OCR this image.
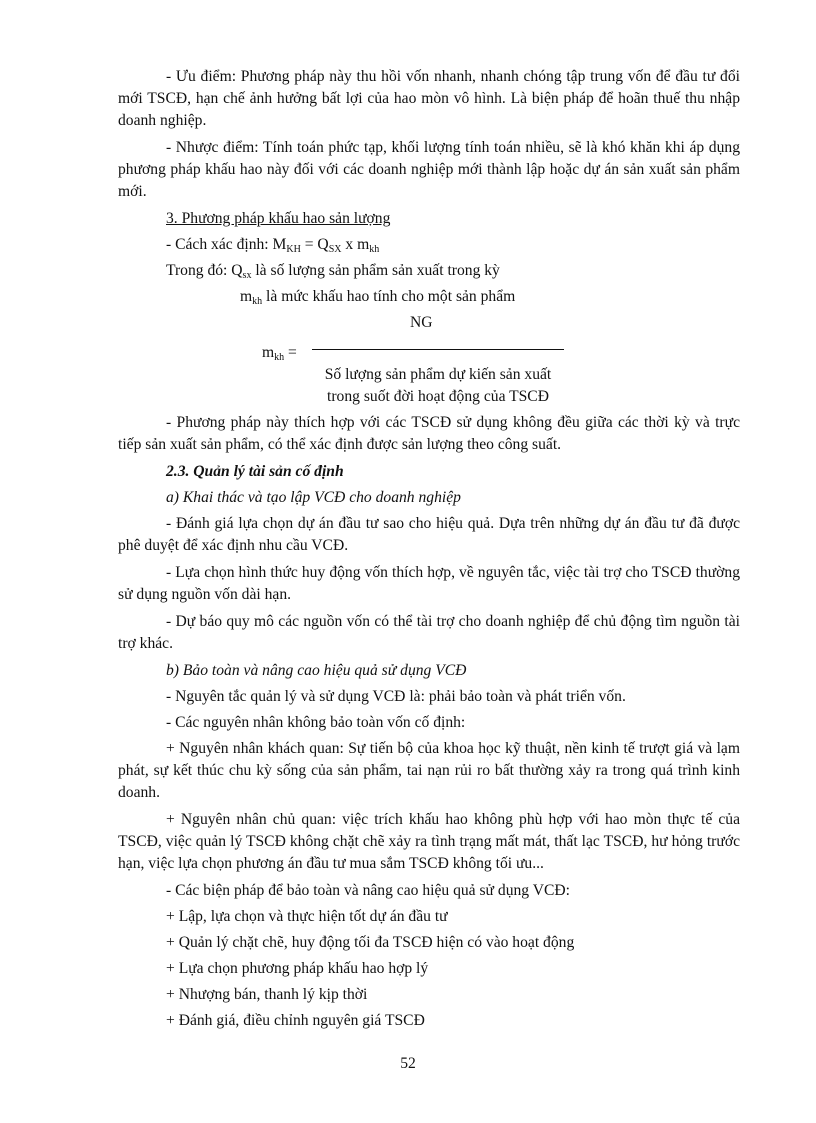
- Ưu điểm: Phương pháp này thu hồi vốn nhanh, nhanh chóng tập trung vốn để đầu tư đổi mới TSCĐ, hạn chế ảnh hưởng bất lợi của hao mòn vô hình. Là biện pháp để hoãn thuế thu nhập doanh nghiệp.

- Nhược điểm: Tính toán phức tạp, khối lượng tính toán nhiều, sẽ là khó khăn khi áp dụng phương pháp khấu hao này đối với các doanh nghiệp mới thành lập hoặc dự án sản xuất sản phẩm mới.

3. Phương pháp khấu hao sản lượng

- Cách xác định: $M_{KH} = Q_{SX}$ x $m_{kh}$

Trong đó: $Q_{sx}$ là số lượng sản phẩm sản xuất trong kỳ

$m_{kh}$ là mức khấu hao tính cho một sản phẩm

NG
$m_{kh}$ =
Số lượng sản phẩm dự kiến sản xuất
trong suốt đời hoạt động của TSCĐ

- Phương pháp này thích hợp với các TSCĐ sử dụng không đều giữa các thời kỳ và trực tiếp sản xuất sản phẩm, có thể xác định được sản lượng theo công suất.

2.3. Quản lý tài sản cố định

a) Khai thác và tạo lập VCĐ cho doanh nghiệp

- Đánh giá lựa chọn dự án đầu tư sao cho hiệu quả. Dựa trên những dự án đầu tư đã được phê duyệt để xác định nhu cầu VCĐ.

- Lựa chọn hình thức huy động vốn thích hợp, về nguyên tắc, việc tài trợ cho TSCĐ thường sử dụng nguồn vốn dài hạn.

- Dự báo quy mô các nguồn vốn có thể tài trợ cho doanh nghiệp để chủ động tìm nguồn tài trợ khác.

b) Bảo toàn và nâng cao hiệu quả sử dụng VCĐ

- Nguyên tắc quản lý và sử dụng VCĐ là: phải bảo toàn và phát triển vốn.

- Các nguyên nhân không bảo toàn vốn cố định:

+ Nguyên nhân khách quan: Sự tiến bộ của khoa học kỹ thuật, nền kinh tế trượt giá và lạm phát, sự kết thúc chu kỳ sống của sản phẩm, tai nạn rủi ro bất thường xảy ra trong quá trình kinh doanh.

+ Nguyên nhân chủ quan: việc trích khấu hao không phù hợp với hao mòn thực tế của TSCĐ, việc quản lý TSCĐ không chặt chẽ xảy ra tình trạng mất mát, thất lạc TSCĐ, hư hỏng trước hạn, việc lựa chọn phương án đầu tư mua sắm TSCĐ không tối ưu...

- Các biện pháp để bảo toàn và nâng cao hiệu quả sử dụng VCĐ:

+ Lập, lựa chọn và thực hiện tốt dự án đầu tư

+ Quản lý chặt chẽ, huy động tối đa TSCĐ hiện có vào hoạt động

+ Lựa chọn phương pháp khấu hao hợp lý

+ Nhượng bán, thanh lý kịp thời

+ Đánh giá, điều chỉnh nguyên giá TSCĐ

52
